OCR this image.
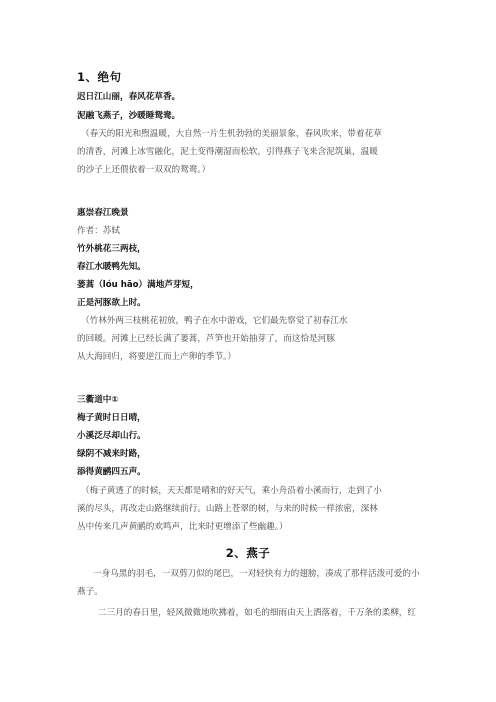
1、绝句
迟日江山丽，春风花草香。
泥融飞燕子，沙暖睡鸳鸯。
（春天的阳光和煦温暖，大自然一片生机勃勃的美丽景象，春风吹来，带着花草
的清香，河滩上冰雪融化，泥土变得潮湿而松软，引得燕子飞来含泥筑巢，温暖
的沙子上还偎依着一双双的鸳鸯。）
惠崇春江晚景
作者：苏轼
竹外桃花三两枝，
春江水暖鸭先知。
蒌蒿（lóu hāo）满地芦芽短，
正是河豚欲上时。
（竹林外两三枝桃花初放，鸭子在水中游戏，它们最先察觉了初春江水
的回暖。河滩上已经长满了蒌蒿，芦笋也开始抽芽了，而这恰是河豚
从大海回归，将要逆江而上产卵的季节。）
三衢道中①
梅子黄时日日晴，
小溪泛尽却山行。
绿阴不减来时路，
添得黄鹂四五声。
（梅子黄透了的时候，天天都是晴和的好天气，乘小舟沿着小溪而行，走到了小
溪的尽头，再改走山路继续前行。山路上苍翠的树，与来的时候一样浓密，深林
丛中传来几声黄鹂的欢鸣声，比来时更增添了些幽趣。）
2、燕子
一身乌黑的羽毛，一双剪刀似的尾巴，一对轻快有力的翅膀，凑成了那样活泼可爱的小
燕子。
二三月的春日里，轻风微微地吹拂着，如毛的细雨由天上洒落着，千万条的柔柳，红
